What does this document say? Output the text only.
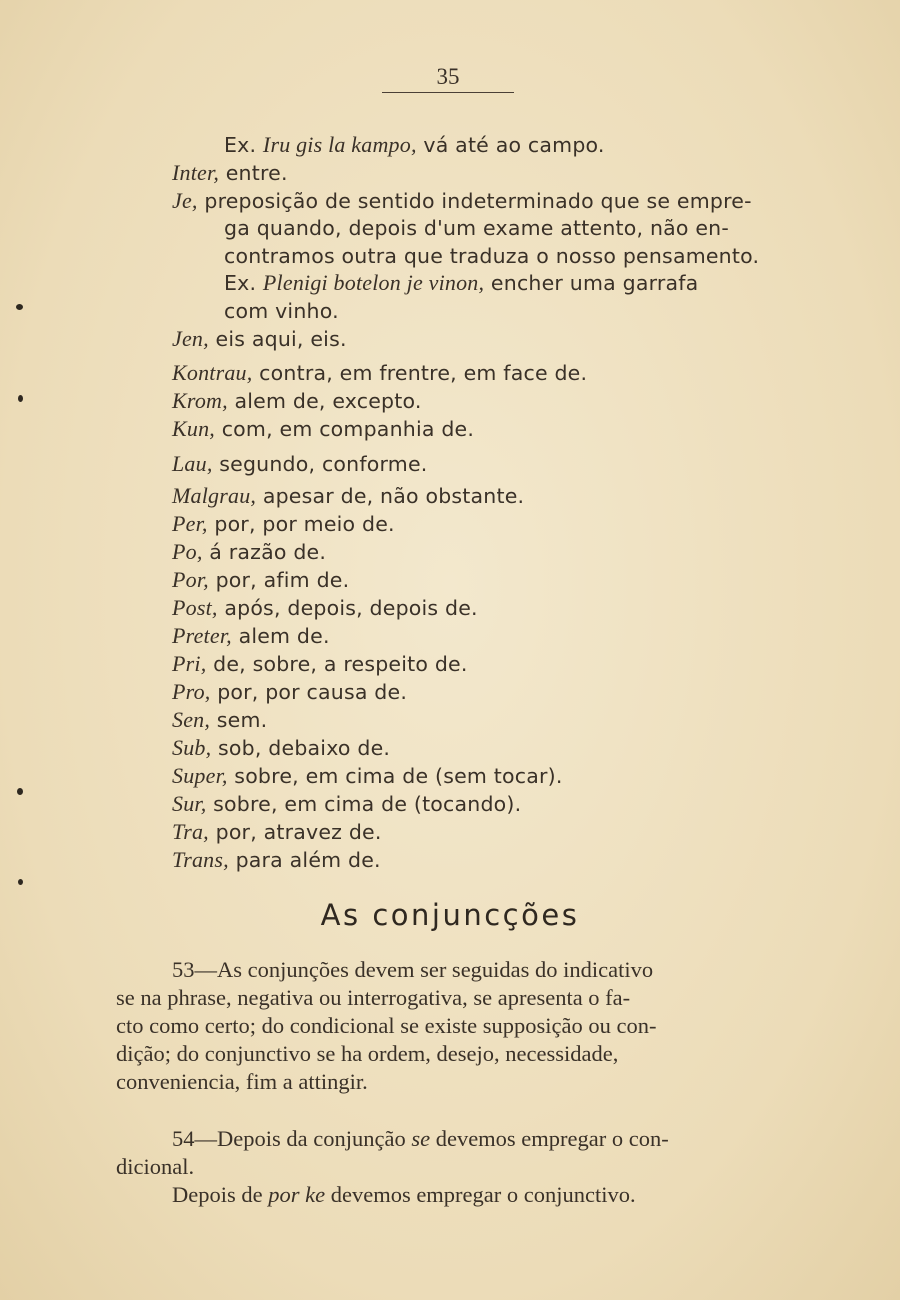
35
Ex. Iru gis la kampo, vá até ao campo.
Inter, entre.
Je, preposição de sentido indeterminado que se empre-
ga quando, depois d'um exame attento, não en-
contramos outra que traduza o nosso pensamento.
Ex. Plenigi botelon je vinon, encher uma garrafa
com vinho.
Jen, eis aqui, eis.
Kontrau, contra, em frentre, em face de.
Krom, alem de, excepto.
Kun, com, em companhia de.
Lau, segundo, conforme.
Malgrau, apesar de, não obstante.
Per, por, por meio de.
Po, á razão de.
Por, por, afim de.
Post, após, depois, depois de.
Preter, alem de.
Pri, de, sobre, a respeito de.
Pro, por, por causa de.
Sen, sem.
Sub, sob, debaixo de.
Super, sobre, em cima de (sem tocar).
Sur, sobre, em cima de (tocando).
Tra, por, atravez de.
Trans, para além de.
As conjuncções
53—As conjunções devem ser seguidas do indicativo
se na phrase, negativa ou interrogativa, se apresenta o fa-
cto como certo; do condicional se existe supposição ou con-
dição; do conjunctivo se ha ordem, desejo, necessidade,
conveniencia, fim a attingir.
54—Depois da conjunção se devemos empregar o con-
dicional.
Depois de por ke devemos empregar o conjunctivo.
